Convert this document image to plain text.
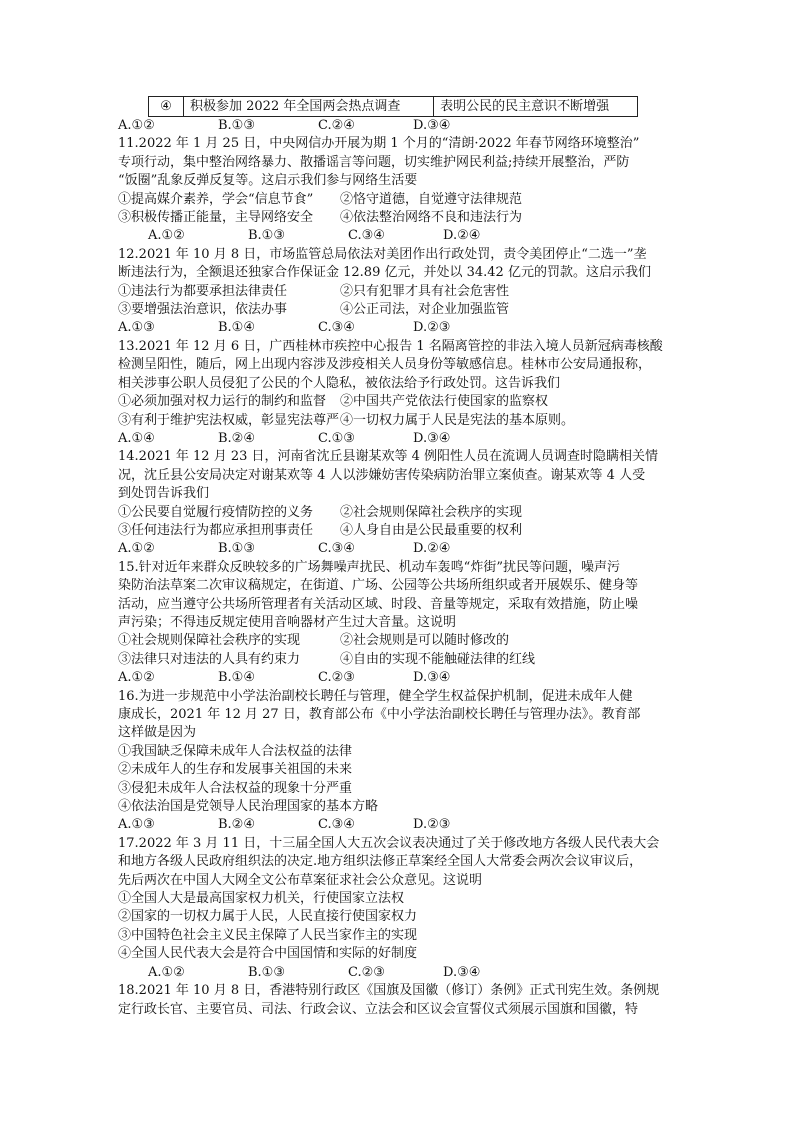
④	积极参加 2022 年全国两会热点调查	表明公民的民主意识不断增强
A.①②	B.①③	C.②④	D.③④
11.2022 年 1 月 25 日，中央网信办开展为期 1 个月的“清朗·2022 年春节网络环境整治”
专项行动，集中整治网络暴力、散播谣言等问题，切实维护网民利益;持续开展整治，严防
“饭圈”乱象反弹反复等。这启示我们参与网络生活要
①提高媒介素养，学会“信息节食”	②恪守道德，自觉遵守法律规范
③积极传播正能量，主导网络安全	④依法整治网络不良和违法行为
A.①②	B.①③	C.③④	D.②④
12.2021 年 10 月 8 日，市场监管总局依法对美团作出行政处罚，责令美团停止“二选一”垄
断违法行为，全额退还独家合作保证金 12.89 亿元，并处以 34.42 亿元的罚款。这启示我们
①违法行为都要承担法律责任	②只有犯罪才具有社会危害性
③要增强法治意识，依法办事	④公正司法，对企业加强监管
A.①③	B.①④	C.③④	D.②③
13.2021 年 12 月 6 日，广西桂林市疾控中心报告 1 名隔离管控的非法入境人员新冠病毒核酸
检测呈阳性，随后，网上出现内容涉及涉疫相关人员身份等敏感信息。桂林市公安局通报称，
相关涉事公职人员侵犯了公民的个人隐私，被依法给予行政处罚。这告诉我们
①必须加强对权力运行的制约和监督	②中国共产党依法行使国家的监察权
③有利于维护宪法权威，彰显宪法尊严 ④一切权力属于人民是宪法的基本原则。
A.①④	B.②④	C.①③	D.③④
14.2021 年 12 月 23 日，河南省沈丘县谢某欢等 4 例阳性人员在流调人员调查时隐瞒相关情
况，沈丘县公安局决定对谢某欢等 4 人以涉嫌妨害传染病防治罪立案侦查。谢某欢等 4 人受
到处罚告诉我们
①公民要自觉履行疫情防控的义务	②社会规则保障社会秩序的实现
③任何违法行为都应承担刑事责任	④人身自由是公民最重要的权利
A.①②	B.①③	C.③④	D.②④
15.针对近年来群众反映较多的广场舞噪声扰民、机动车轰鸣“炸街”扰民等问题，噪声污
染防治法草案二次审议稿规定，在街道、广场、公园等公共场所组织或者开展娱乐、健身等
活动，应当遵守公共场所管理者有关活动区域、时段、音量等规定，采取有效措施，防止噪
声污染；不得违反规定使用音响器材产生过大音量。这说明
①社会规则保障社会秩序的实现	②社会规则是可以随时修改的
③法律只对违法的人具有约束力	④自由的实现不能触碰法律的红线
A.①②	B.①④	C.②③	D.③④
16.为进一步规范中小学法治副校长聘任与管理，健全学生权益保护机制，促进未成年人健
康成长，2021 年 12 月 27 日，教育部公布《中小学法治副校长聘任与管理办法》。教育部
这样做是因为
①我国缺乏保障未成年人合法权益的法律
②未成年人的生存和发展事关祖国的未来
③侵犯未成年人合法权益的现象十分严重
④依法治国是党领导人民治理国家的基本方略
A.①③	B.②④	C.③④	D.②③
17.2022 年 3 月 11 日，十三届全国人大五次会议表决通过了关于修改地方各级人民代表大会
和地方各级人民政府组织法的决定.地方组织法修正草案经全国人大常委会两次会议审议后，
先后两次在中国人大网全文公布草案征求社会公众意见。这说明
①全国人大是最高国家权力机关，行使国家立法权
②国家的一切权力属于人民，人民直接行使国家权力
③中国特色社会主义民主保障了人民当家作主的实现
④全国人民代表大会是符合中国国情和实际的好制度
A.①②	B.①③	C.②③	D.③④
18.2021 年 10 月 8 日，香港特别行政区《国旗及国徽（修订）条例》正式刊宪生效。条例规
定行政长官、主要官员、司法、行政会议、立法会和区议会宣誓仪式须展示国旗和国徽，特
